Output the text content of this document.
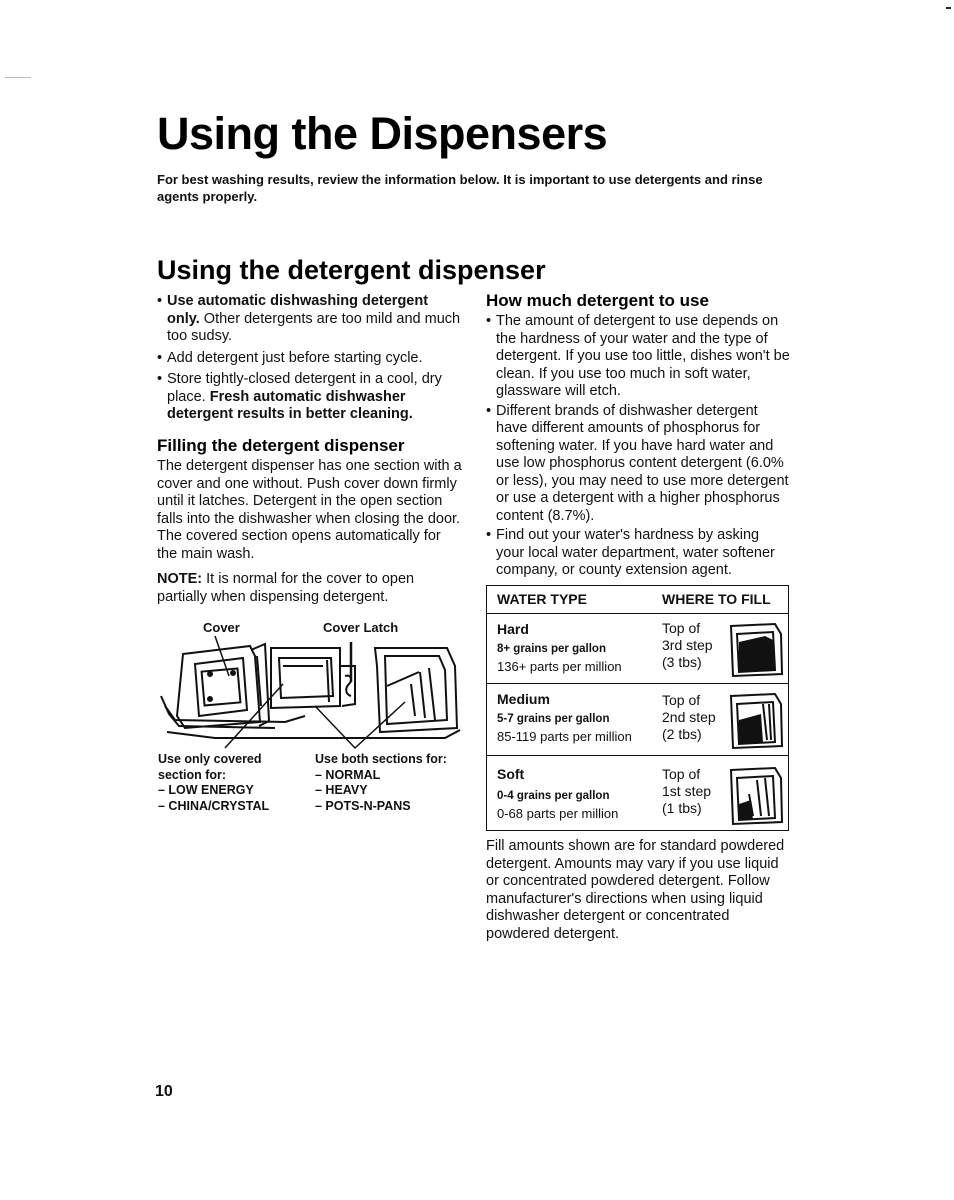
Using the Dispensers

For best washing results, review the information below. It is important to use detergents and rinse agents properly.

Using the detergent dispenser
• Use automatic dishwashing detergent only. Other detergents are too mild and much too sudsy.
• Add detergent just before starting cycle.
• Store tightly-closed detergent in a cool, dry place. Fresh automatic dishwasher detergent results in better cleaning.
Filling the detergent dispenser

The detergent dispenser has one section with a cover and one without. Push cover down firmly until it latches. Detergent in the open section falls into the dishwasher when closing the door. The covered section opens automatically for the main wash.

NOTE: It is normal for the cover to open partially when dispensing detergent.

Cover	Cover Latch
Use only covered
section for:
– LOW ENERGY
– CHINA/CRYSTAL
Use both sections for:
– NORMAL
– HEAVY
– POTS-N-PANS
How much detergent to use
• The amount of detergent to use depends on the hardness of your water and the type of detergent. If you use too little, dishes won't be clean. If you use too much in soft water, glassware will etch.
• Different brands of dishwasher detergent have different amounts of phosphorus for softening water. If you have hard water and use low phosphorus content detergent (6.0% or less), you may need to use more detergent or use a detergent with a higher phosphorus content (8.7%).
• Find out your water's hardness by asking your local water department, water softener company, or county extension agent.
WATER TYPE	WHERE TO FILL
Hard
8+ grains per gallon
136+ parts per million
Top of
3rd step
(3 tbs)
Medium
5-7 grains per gallon
85-119 parts per million
Top of
2nd step
(2 tbs)
Soft
0-4 grains per gallon
0-68 parts per million
Top of
1st step
(1 tbs)

Fill amounts shown are for standard powdered detergent. Amounts may vary if you use liquid or concentrated powdered detergent. Follow manufacturer's directions when using liquid dishwasher detergent or concentrated powdered detergent.

10
